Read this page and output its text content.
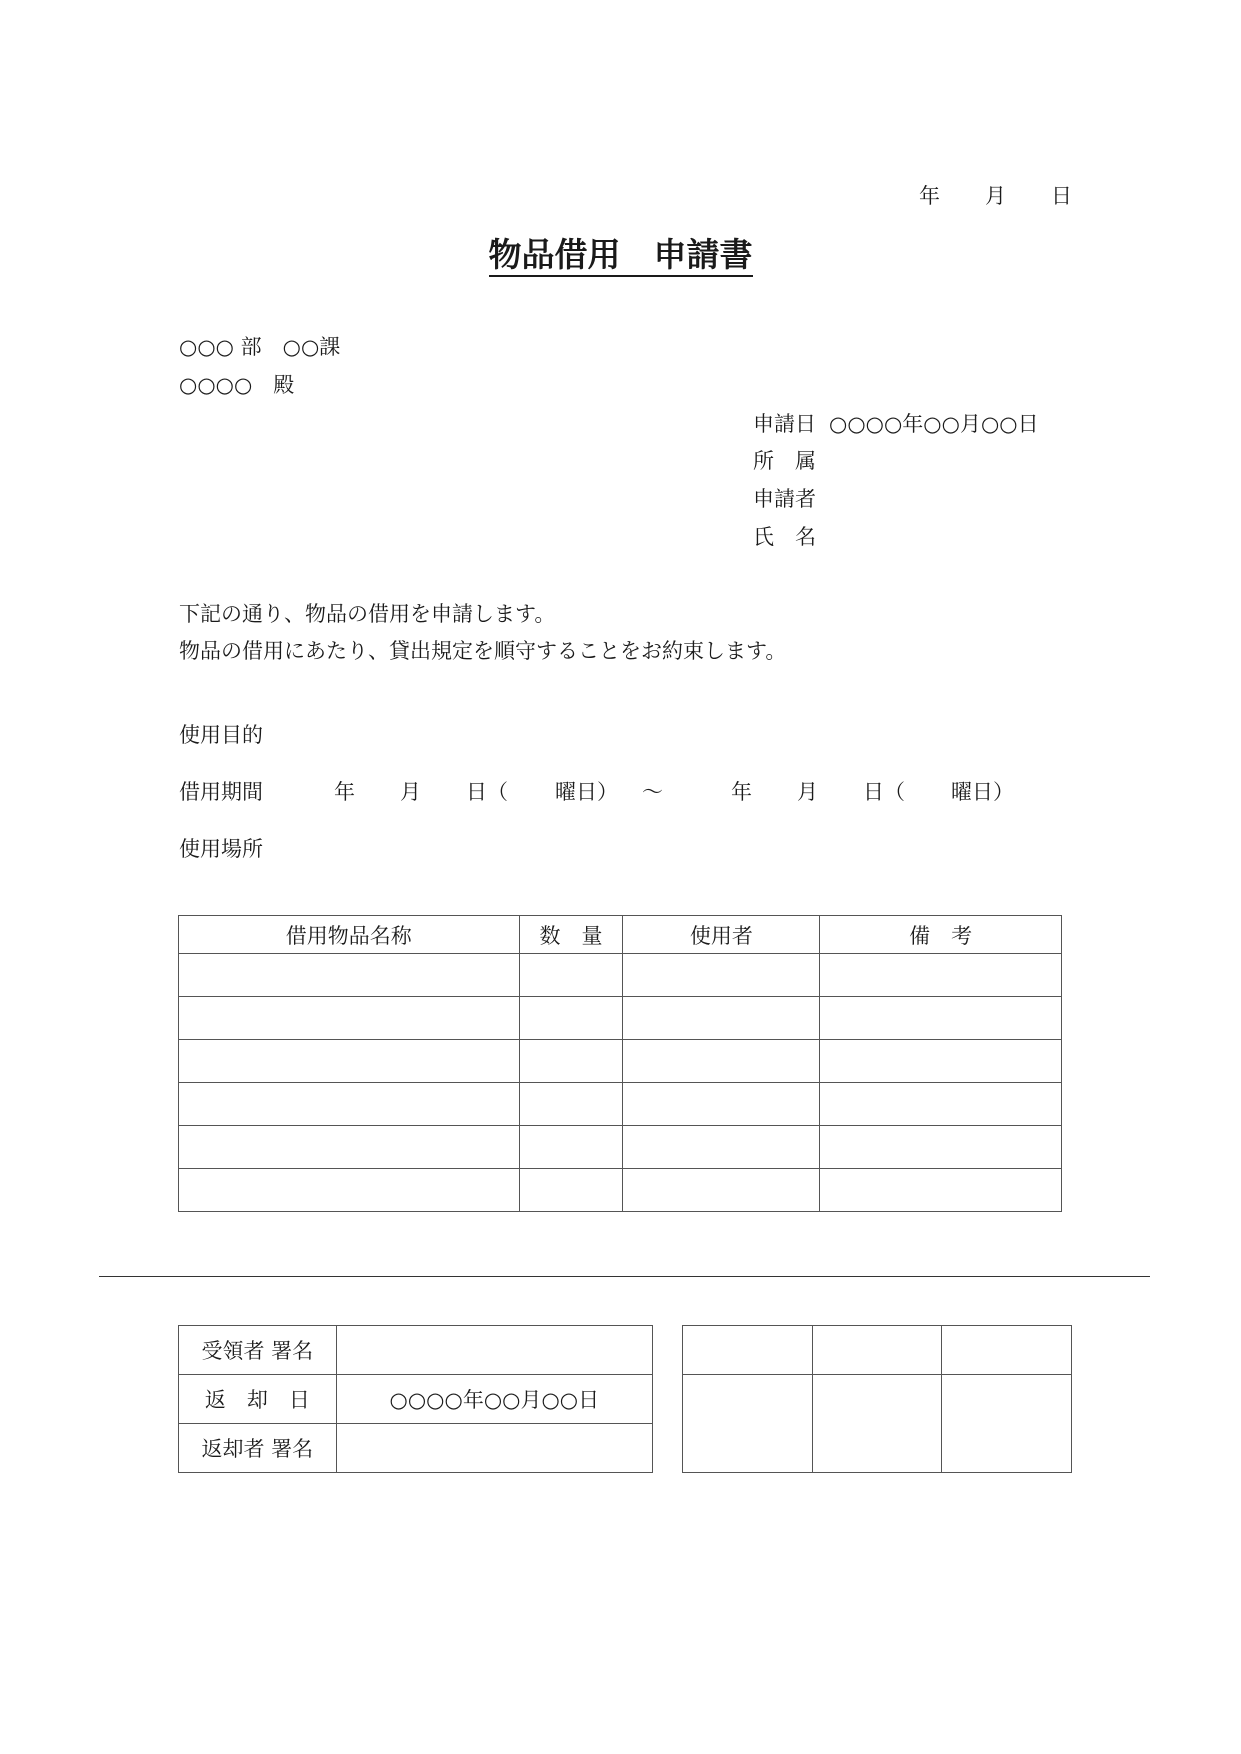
年 月 日
物品借用　申請書
○○○ 部　○○課
○○○○　殿
申請日 ○○○○年○○月○○日
所　属
申請者
氏　名
下記の通り、物品の借用を申請します。
物品の借用にあたり、貸出規定を順守することをお約束します。
使用目的
借用期間	年 月 日（ 曜日） 〜	年 月 日（ 曜日）
使用場所
借用物品名称	数　量	使用者	備　考

受領者 署名	
返　却　日	○○○○年○○月○○日
返却者 署名	
